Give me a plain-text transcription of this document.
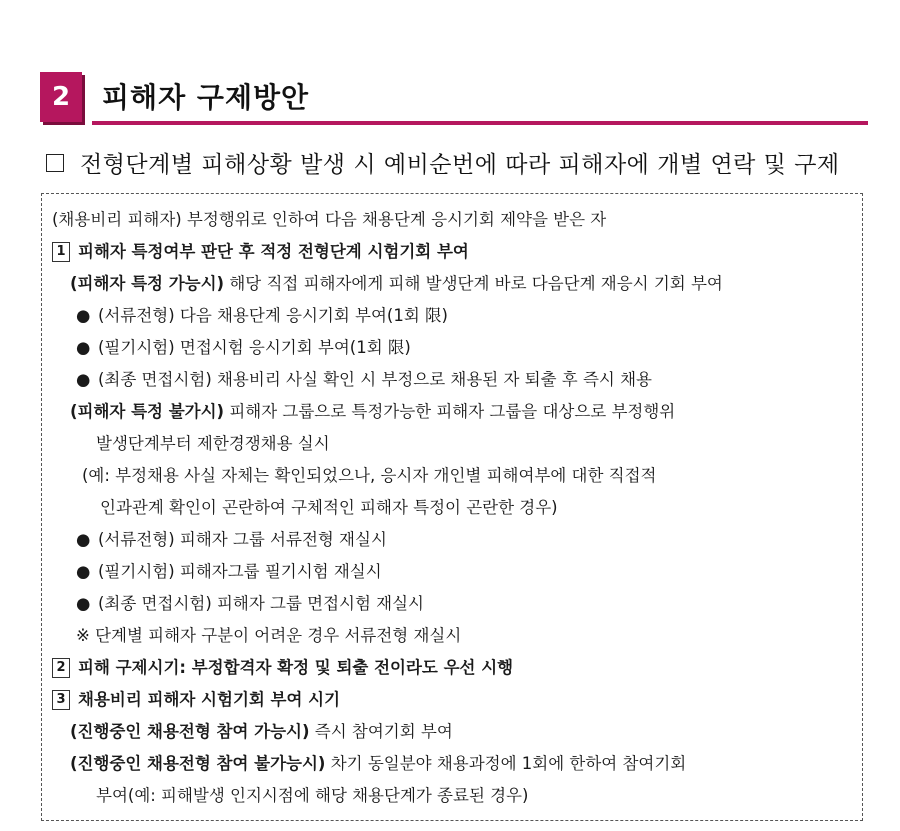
2	피해자 구제방안
전형단계별 피해상황 발생 시 예비순번에 따라 피해자에 개별 연락 및 구제
(채용비리 피해자) 부정행위로 인하여 다음 채용단계 응시기회 제약을 받은 자
1 피해자 특정여부 판단 후 적정 전형단계 시험기회 부여
(피해자 특정 가능시) 해당 직접 피해자에게 피해 발생단계 바로 다음단계 재응시 기회 부여
● (서류전형) 다음 채용단계 응시기회 부여(1회 限)
● (필기시험) 면접시험 응시기회 부여(1회 限)
● (최종 면접시험) 채용비리 사실 확인 시 부정으로 채용된 자 퇴출 후 즉시 채용
(피해자 특정 불가시) 피해자 그룹으로 특정가능한 피해자 그룹을 대상으로 부정행위
발생단계부터 제한경쟁채용 실시
(예: 부정채용 사실 자체는 확인되었으나, 응시자 개인별 피해여부에 대한 직접적
인과관계 확인이 곤란하여 구체적인 피해자 특정이 곤란한 경우)
● (서류전형) 피해자 그룹 서류전형 재실시
● (필기시험) 피해자그룹 필기시험 재실시
● (최종 면접시험) 피해자 그룹 면접시험 재실시
※ 단계별 피해자 구분이 어려운 경우 서류전형 재실시
2 피해 구제시기: 부정합격자 확정 및 퇴출 전이라도 우선 시행
3 채용비리 피해자 시험기회 부여 시기
(진행중인 채용전형 참여 가능시) 즉시 참여기회 부여
(진행중인 채용전형 참여 불가능시) 차기 동일분야 채용과정에 1회에 한하여 참여기회
부여(예: 피해발생 인지시점에 해당 채용단계가 종료된 경우)
